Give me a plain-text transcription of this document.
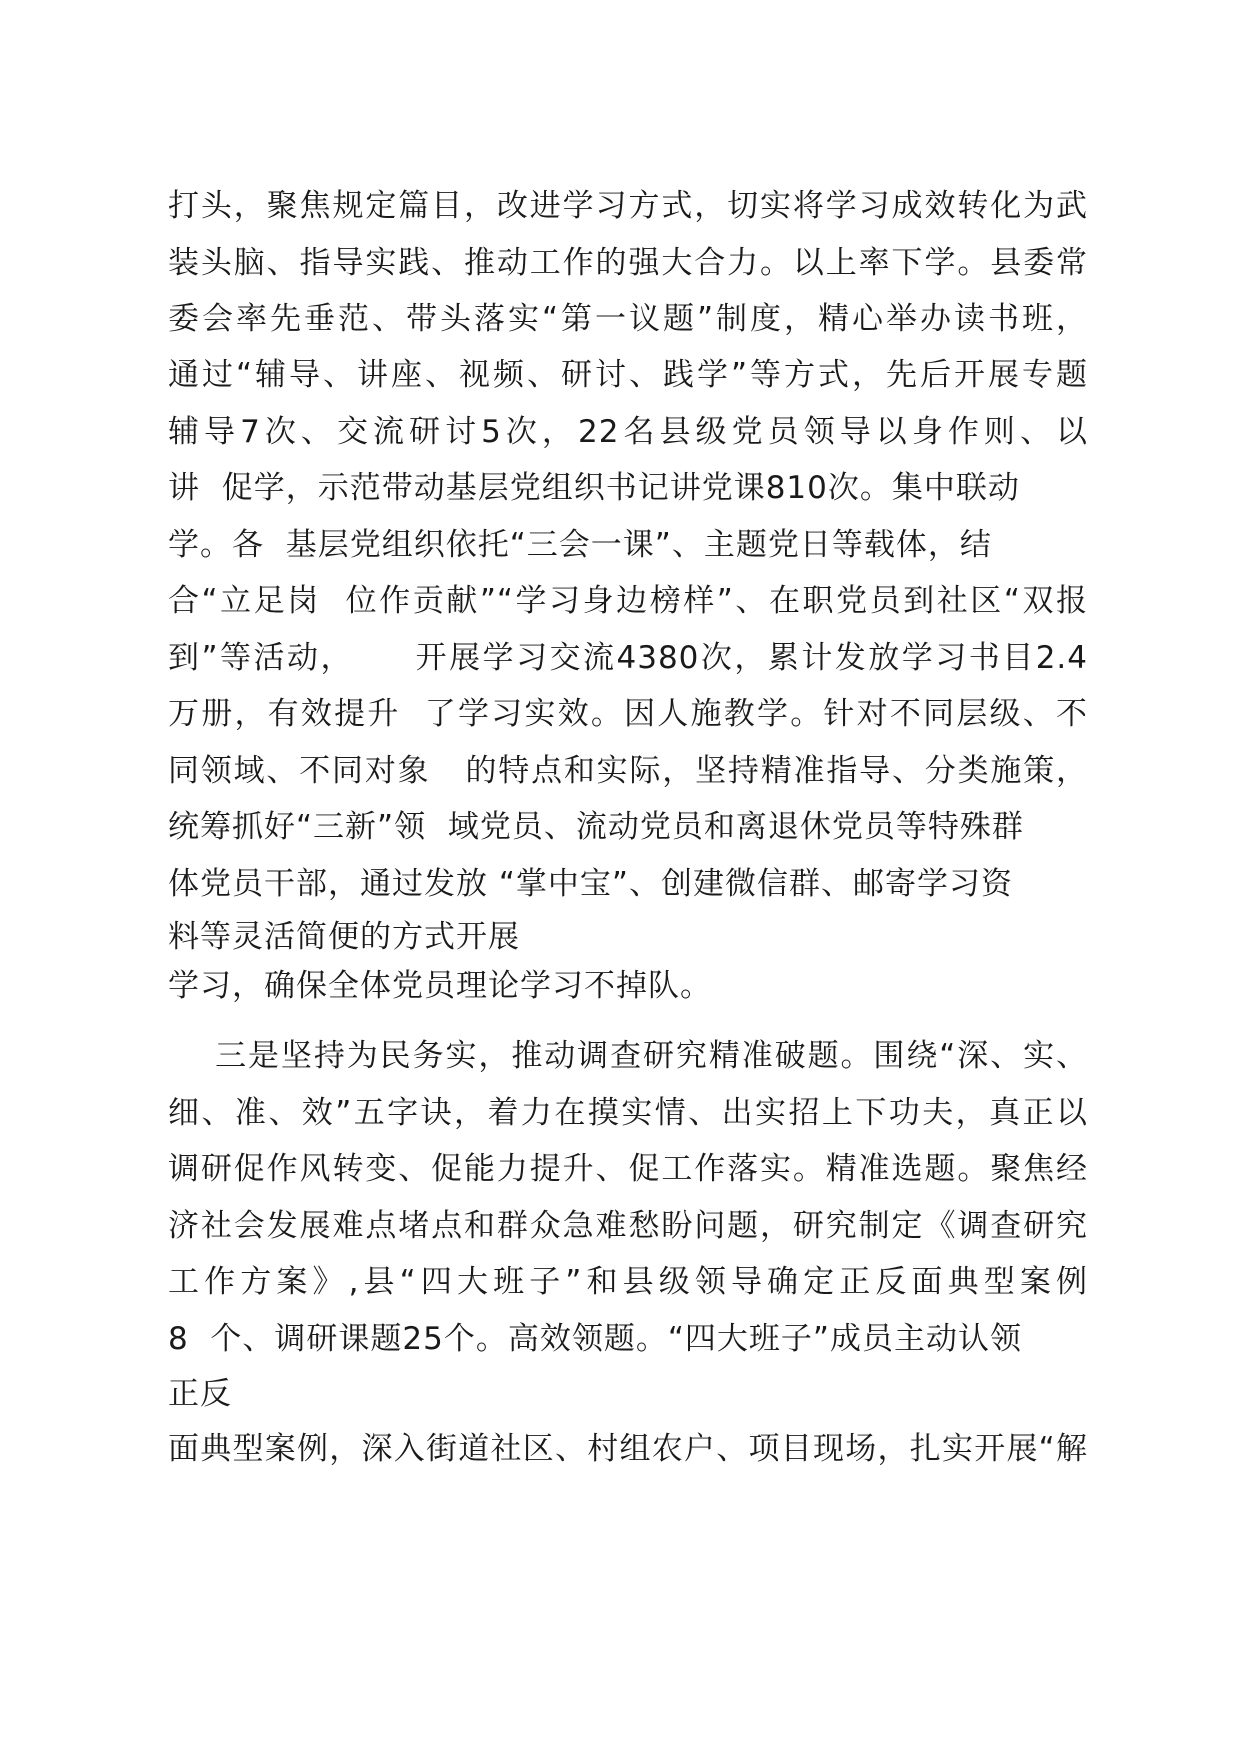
打头，聚焦规定篇目，改进学习方式，切实将学习成效转化为武
装头脑、指导实践、推动工作的强大合力。以上率下学。县委常
委会率先垂范、带头落实“第一议题”制度，精心举办读书班，
通过“辅导、讲座、视频、研讨、践学”等方式，先后开展专题
辅导7次、交流研讨5次，22名县级党员领导以身作则、以
讲  促学，示范带动基层党组织书记讲党课810次。集中联动
学。各  基层党组织依托“三会一课”、主题党日等载体，结
合“立足岗  位作贡献”“学习身边榜样”、在职党员到社区“双报
到”等活动，     开展学习交流4380次，累计发放学习书目2.4
万册，有效提升  了学习实效。因人施教学。针对不同层级、不
同领域、不同对象   的特点和实际，坚持精准指导、分类施策，
统筹抓好“三新”领  域党员、流动党员和离退休党员等特殊群
体党员干部，通过发放 “掌中宝”、创建微信群、邮寄学习资
料等灵活简便的方式开展
学习，确保全体党员理论学习不掉队。
三是坚持为民务实，推动调查研究精准破题。围绕“深、实、
细、准、效”五字诀，着力在摸实情、出实招上下功夫，真正以
调研促作风转变、促能力提升、促工作落实。精准选题。聚焦经
济社会发展难点堵点和群众急难愁盼问题，研究制定《调查研究
工作方案》,县“四大班子”和县级领导确定正反面典型案例
8  个、调研课题25个。高效领题。“四大班子”成员主动认领
正反
面典型案例，深入街道社区、村组农户、项目现场，扎实开展“解
